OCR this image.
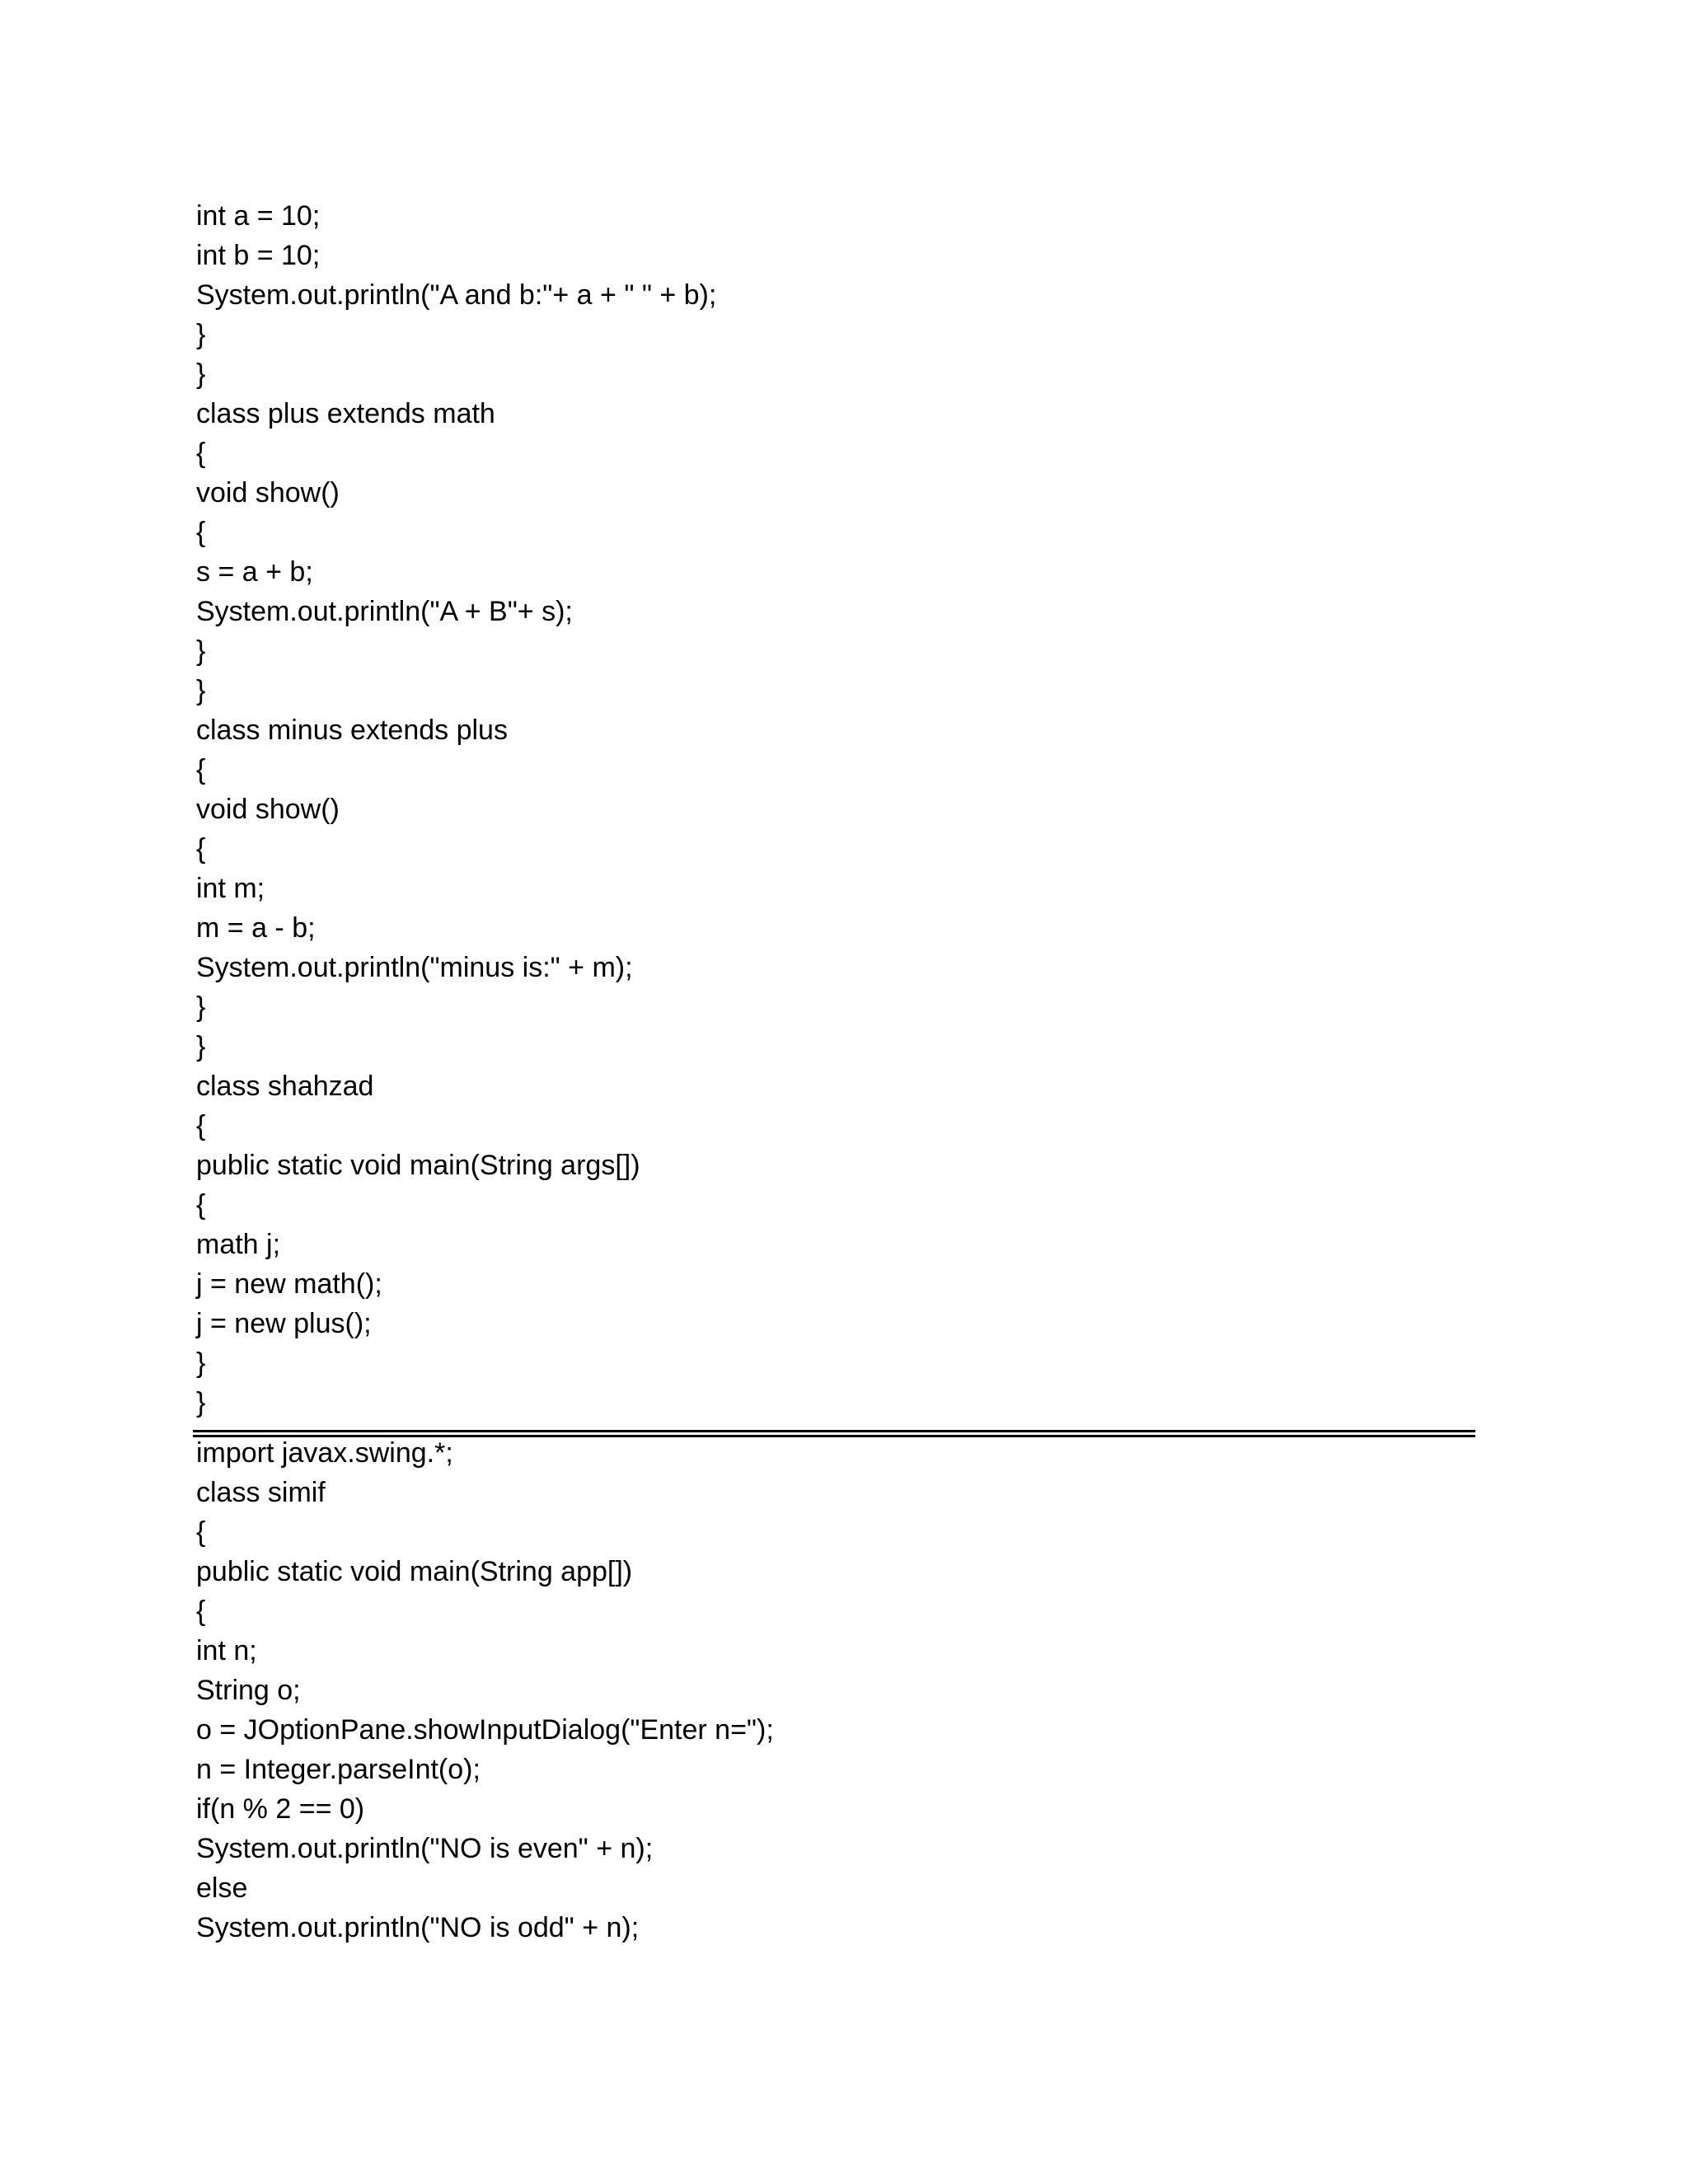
int a = 10;
int b = 10;
System.out.println("A and b:"+ a + " " + b);
}
}
class plus extends math
{
void show()
{
s = a + b;
System.out.println("A + B"+ s);
}
}
class minus extends plus
{
void show()
{
int m;
m = a - b;
System.out.println("minus is:" + m);
}
}
class shahzad
{
public static void main(String args[])
{
math j;
j = new math();
j = new plus();
}
}
import javax.swing.*;
class simif
{
public static void main(String app[])
{
int n;
String o;
o = JOptionPane.showInputDialog("Enter n=");
n = Integer.parseInt(o);
if(n % 2 == 0)
System.out.println("NO is even" + n);
else
System.out.println("NO is odd" + n);
